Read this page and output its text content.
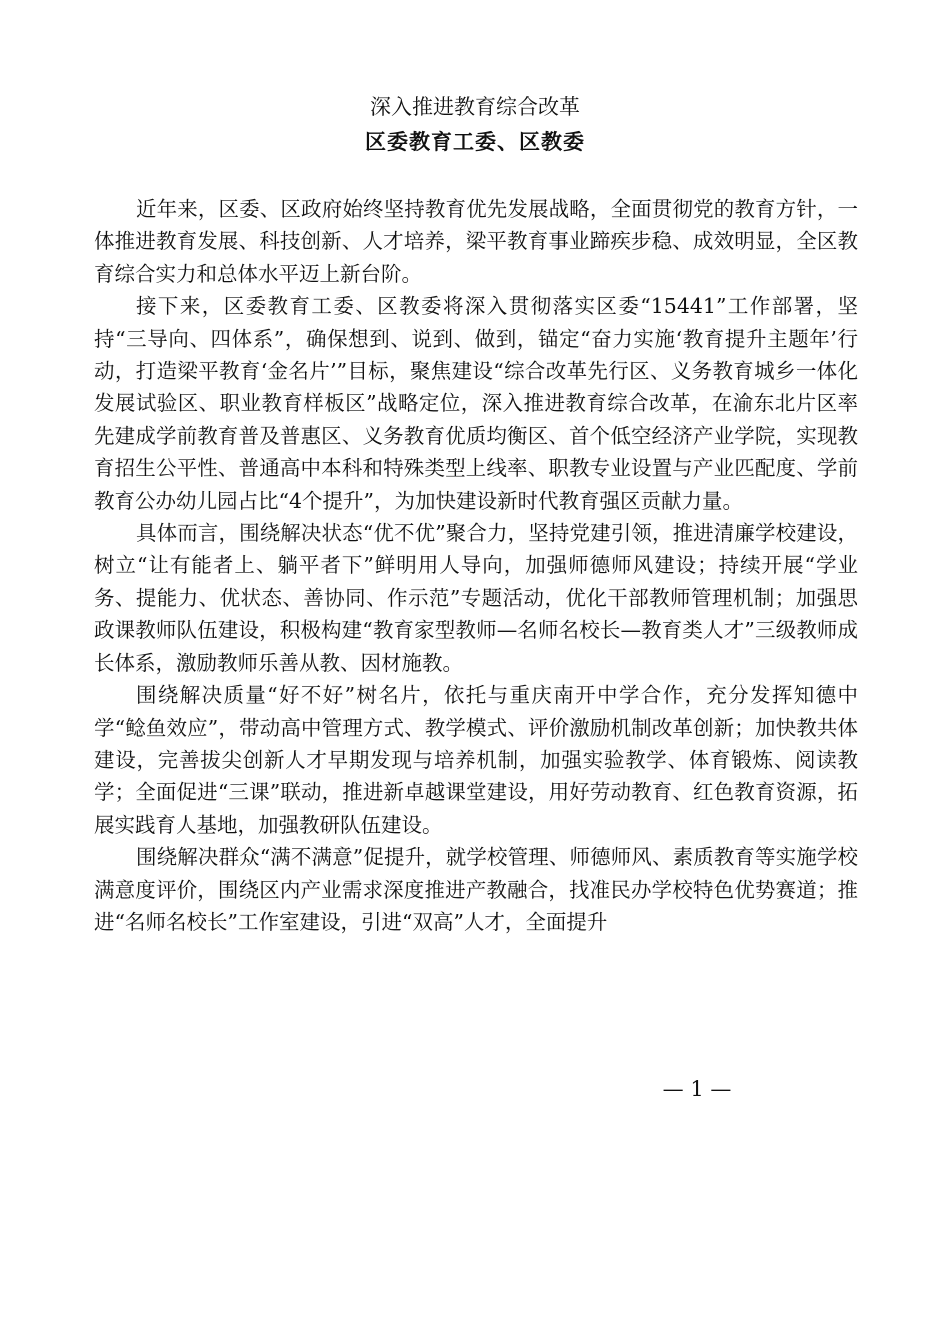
深入推进教育综合改革
区委教育工委、区教委

近年来，区委、区政府始终坚持教育优先发展战略，全面贯彻党的教育方针，一体推进教育发展、科技创新、人才培养，梁平教育事业蹄疾步稳、成效明显，全区教育综合实力和总体水平迈上新台阶。

接下来，区委教育工委、区教委将深入贯彻落实区委“15441”工作部署，坚持“三导向、四体系”，确保想到、说到、做到，锚定“奋力实施‘教育提升主题年’行动，打造梁平教育‘金名片’”目标，聚焦建设“综合改革先行区、义务教育城乡一体化发展试验区、职业教育样板区”战略定位，深入推进教育综合改革，在渝东北片区率先建成学前教育普及普惠区、义务教育优质均衡区、首个低空经济产业学院，实现教育招生公平性、普通高中本科和特殊类型上线率、职教专业设置与产业匹配度、学前教育公办幼儿园占比“4个提升”，为加快建设新时代教育强区贡献力量。

具体而言，围绕解决状态“优不优”聚合力，坚持党建引领，推进清廉学校建设，树立“让有能者上、躺平者下”鲜明用人导向，加强师德师风建设；持续开展“学业务、提能力、优状态、善协同、作示范”专题活动，优化干部教师管理机制；加强思政课教师队伍建设，积极构建“教育家型教师—名师名校长—教育类人才”三级教师成长体系，激励教师乐善从教、因材施教。

围绕解决质量“好不好”树名片，依托与重庆南开中学合作，充分发挥知德中学“鲶鱼效应”，带动高中管理方式、教学模式、评价激励机制改革创新；加快教共体建设，完善拔尖创新人才早期发现与培养机制，加强实验教学、体育锻炼、阅读教学；全面促进“三课”联动，推进新卓越课堂建设，用好劳动教育、红色教育资源，拓展实践育人基地，加强教研队伍建设。

围绕解决群众“满不满意”促提升，就学校管理、师德师风、素质教育等实施学校满意度评价，围绕区内产业需求深度推进产教融合，找准民办学校特色优势赛道；推进“名师名校长”工作室建设，引进“双高”人才，全面提升

— 1 —
